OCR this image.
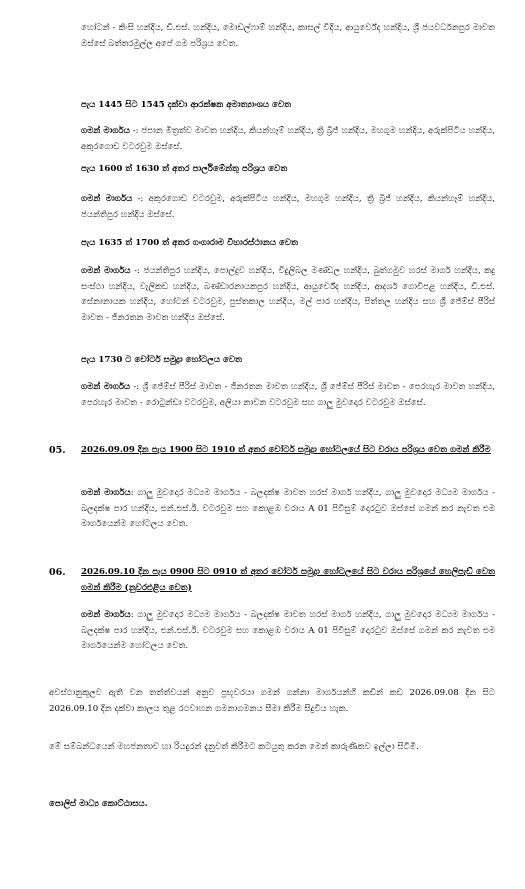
හෝටන් - කිංසි හන්දිය, ඩී.එස්. හන්දිය, මොඩල්ෆාම් හන්දිය, කාසල් වීදිය, ආයුර්වේද හන්දිය, ශ්‍රී ජයවර්ධනපුර මාවත ඔස්සේ බත්තරමුල්ල අපේ ගම පරිශ්‍රය වෙත.
පැය 1445 සිට 1545 දක්වා ආරක්ෂක අමාත්‍යාංශය වෙත
ගමන් මාර්ගය -: ජපාන මිත්‍රත්ව මාවත හන්දිය, කියන්හෑම් හන්දිය, ත්‍රි බ්‍රිජ් හන්දිය, මහගුම හන්දිය, අරුක්පිටිය හන්දිය, අකුරගොඩ වටරවුම ඔස්සේ.
පැය 1600 ත් 1630 ත් අතර පාර්ලිමේන්තු පරිශ්‍රය වෙත
ගමන් මාර්ගය -: අකුරගොඩ වටරවුම, අරුක්පිටිය හන්දිය, මහගුම හන්දිය, ත්‍රි බ්‍රිජ් හන්දිය, කියන්හෑම් හන්දිය, ජයන්තිපුර හන්දිය ඔස්සේ.
පැය 1635 ත් 1700 ත් අතර ගංගාරාම විහාරස්ථානය වෙත
ගමන් මාර්ගය -: ජයන්තිපුර හන්දිය, පොල්දුව හන්දිය, විදුලිබල මණ්ඩල හන්දිය, බුත්ගමුව හරස් මාර්ග හන්දිය, කදු සංස්ථා හන්දිය, වැලිකඩ හන්දිය, බණ්ඩාරනායකපුර හන්දිය, ආයුර්වේද හන්දිය, ආදර්ශ ගොවිපළ හන්දිය, ඩී.එස්. සේනානායක හන්දිය, හෝටන් වටරවුම, පුස්තකාල හන්දිය, මල් පාර හන්දිය, පිත්තල හන්දිය සහ ශ්‍රී ජේම්ස් පීරිස් මාවත - ජිනරතන මාවත හන්දිය ඔස්සේ.
පැය 1730 ට වෝටර් සමුද්‍රා හෝටලය වෙත
ගමන් මාර්ගය -: ශ්‍රී ජේම්ස් පීරිස් මාවත - ජිනරතන මාවත හන්දිය, ශ්‍රී ජේම්ස් පීරිස් මාවත - පෙරහැර මාවත හන්දිය, පෙරහැර මාවත - රොටුන්ඩා වටරවුම, අලියා නාවන වටරවුම සහ ගාලු මුවදොර වටරවුම ඔස්සේ.
05. 2026.09.09 දින පැය 1900 සිට 1910 ත් අතර වෝටර් සමුද්‍රා හෝටලයේ සිට වරාය පරිශ්‍රය වෙත ගමන් කිරීම
ගමන් මාර්ගය: ගාලු මුවදොර මධ්‍යම මාර්ගය - බලදක්ෂ මාවත හරස් මාර්ග හන්දිය, ගාලු මුවදොර මධ්‍යම මාර්ගය - බලදක්ෂ පාර හන්දිය, එන්.එස්.ඊ. වටරවුම සහ කොළඹ වරාය A 01 පිවිසුම් දොරටුව ඔස්සේ ගමන් කර නැවත එම මාර්ගයෙන්ම හෝටලය වෙත.
06. 2026.09.10 දින පැය 0900 සිට 0910 ත් අතර වෝටර් සමුද්‍රා හෝටලයේ සිට වරාය පරිශ්‍රයේ හෙලිපැඩ් වෙත ගමන් කිරීම (නුවරඑළිය වෙත)
ගමන් මාර්ගය: ගාලු මුවදොර මධ්‍යම මාර්ගය - බලදක්ෂ මාවත හරස් මාර්ග හන්දිය, ගාලු මුවදොර මධ්‍යම මාර්ගය - බලදක්ෂ පාර හන්දිය, එන්.එස්.ඊ. වටරවුම සහ කොළඹ වරාය A 01 පිවිසුම් දොරටුව ඔස්සේ ගමන් කර නැවත එම මාර්ගයෙන්ම හෝටලය වෙත.
අවස්ථානුකූලව ඇති වන තත්ත්වයන් අනුව ප්‍රභූවරයා ගමන් ගන්නා මාර්ගයන්හි කඩින් කඩ 2026.09.08 දින සිට 2026.09.10 දින දක්වා කාලය තුළ රථවාහන ගමනාගමනය සීමා කිරීම සිදුවිය හැක.
මේ සම්බන්ධයෙන් මහජනතාව හා රියදුරන් දැනුවත් කිරීමට කටයුතු කරන මෙන් කාරුණිකව ඉල්ලා සිටිමි.
පොලිස් මාධ්‍ය කොට්ඨාසය.
